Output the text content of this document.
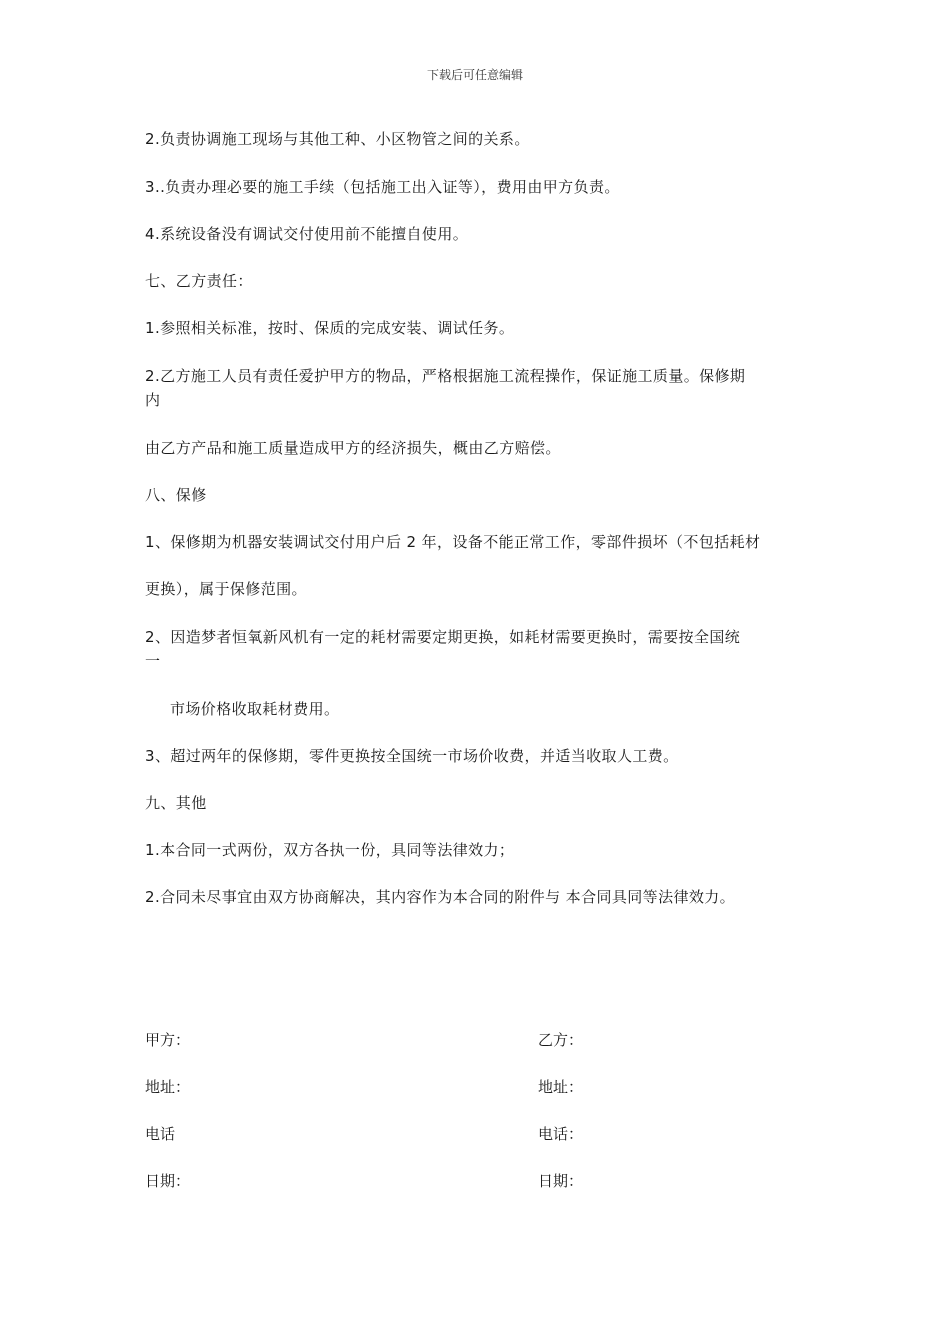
下载后可任意编辑
2.负责协调施工现场与其他工种、小区物管之间的关系。
3..负责办理必要的施工手续（包括施工出入证等），费用由甲方负责。
4.系统设备没有调试交付使用前不能擅自使用。
七、乙方责任：
1.参照相关标准，按时、保质的完成安装、调试任务。
2.乙方施工人员有责任爱护甲方的物品，严格根据施工流程操作，保证施工质量。保修期
内
由乙方产品和施工质量造成甲方的经济损失，概由乙方赔偿。
八、保修
1、保修期为机器安装调试交付用户后 2 年，设备不能正常工作，零部件损坏（不包括耗材
更换），属于保修范围。
2、因造梦者恒氧新风机有一定的耗材需要定期更换，如耗材需要更换时，需要按全国统
一
市场价格收取耗材费用。
3、超过两年的保修期，零件更换按全国统一市场价收费，并适当收取人工费。
九、其他
1.本合同一式两份，双方各执一份，具同等法律效力；
2.合同未尽事宜由双方协商解决，其内容作为本合同的附件与 本合同具同等法律效力。
甲方：	乙方：
地址：	地址：
电话	电话：
日期：	日期：
